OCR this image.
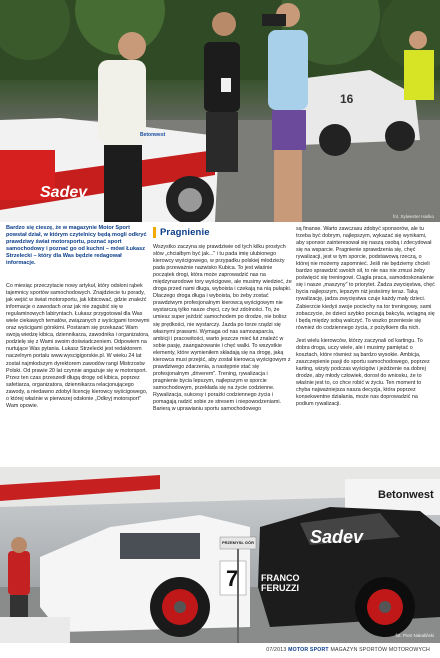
Sadev
16
Betonwest
fot. Sylwester Haśko

Bardzo się cieszę, że w magazynie Motor Sport powstał dział, w którym czytelnicy będą mogli odkryć prawdziwy świat motorsportu, poznać sport samochodowy i poznać go od kuchni – mówi Łukasz Strzelecki – który dla Was będzie redagował informacje.

Co miesiąc przeczytacie nowy artykuł, który odsłoni rąbek tajemnicy sportów samochodowych. Znajdziecie tu porady, jak wejść w świat motorsportu, jak kibicować, gdzie znaleźć informacje o zawodach oraz jak nie zagubić się w regulaminowych labiryntach. Łukasz przygotował dla Was wiele ciekawych tematów, związanych z wyścigami torowymi oraz wyścigami górskimi. Postaram się przekazać Wam swoją wiedzę kibica, dziennikarza, zawodnika i organizatora, podzielę się z Wami swoim doświadczeniem. Odpowiem na nurtujące Was pytania. Łukasz Strzelecki jest redaktorem naczelnym portalu www.wyscigigorskie.pl. W wieku 24 lat został najmłodszym dyrektorem zawodów rangi Mistrzostw Polski. Od prawie 20 lat czynnie angażuje się w motorsport. Przez ten czas przeszedł długą drogę od kibica, poprzez safetiarza, organizatora, dziennikarza relacjonującego zawody, a niedawno zdobył licencję kierowcy wyścigowego, o której właśnie w pierwszej odsłonie „Odkryj motorsport" Wam opowie.

Pragnienie

Wszystko zaczyna się prawdziwie od tych kilku prostych słów „chciałbym być jak..." i tu pada imię ulubionego kierowcy wyścigowego, w przypadku polskiej młodzieży pada przeważnie nazwisko Kubica. To jest właśnie początek drogi, która może zaprowadzić nas na międzynarodowe tory wyścigowe, ale musimy wiedzieć, że droga przed nami długa, wyboista i czekają na nią pułapki. Dlaczego droga długa i wyboista, bo żeby zostać prawdziwym profesjonalnym kierowcą wyścigowym nie wystarczą tylko nasze chęci, czy też zdolności. To, że umiesz super jeździć samochodem po drodze, nie bolisz się prędkości, nie wystarczy. Jazda po torze rządzi się własnymi prawami. Wymaga od nas samozaparcia, ambicji i pracowitości, warto jeszcze mieć łut znaleźć w sobie pasję, zaangażowanie i chęć walki. To wszystkie elementy, które wymieniłem składają się na drogę, jaką kierowca musi przejść, aby został kierowcą wyścigowym z prawdziwego zdarzenia, a następnie stać się profesjonalnym „driverem". Trening, rywalizacja i pragnienie bycia lepszym, najlepszym w sporcie samochodowym, przekłada się na życie codzienne. Rywalizacja, sukcesy i porażki codziennego życia i pomagają radzić sobie ze stresem i niepowodzeniami. Barierą w uprawianiu sportu samochodowego

są finanse. Warto zawczasu zdobyć sponsorów, ale tu trzeba być dobrym, najlepszym, wykazać się wynikami, aby sponsor zainteresował się naszą osobą i zdecydował się na wsparcie. Pragnienie sprawdzenia się, chęć rywalizacji, jest w tym sporcie, podstawową rzeczą, o której nie możemy zapomnieć. Jeśli nie będziemy chcieli bardzo sprawdzić swoich sił, to nie nas nie zmusi żeby poświęcić się treningowi. Ciągła praca, samodoskonalenie się i nasze „maszyny" to priorytet. Żadza zwycięstwa, chęć bycia najlepszym, lepszym niż jesteśmy teraz. Taką rywalizację, jadza zwycięstwa czuje każdy mały dzieci. Zabierzcie kiedyś swoje pociechy na tor treningowy, sami zobaczycie, że dzieci szybko poczują bakcyla, wciągną się i będą między sobą walczyć. To wszko przeniesie się również do codziennego życia, z pożytkiem dla nich.

Jest wielu kierowców, którzy zaczynali od kartingu. To dobra droga, uczy wiele, ale i musimy pamiętać o kosztach, które również są bardzo wysokie. Ambicja, zaszczepienie pasji do sportu samochodowego, poprzez karting, wizyty podczas wyścigów i jeżdżenie na dobrej drodze, aby młody człowiek, dorosł do wniosku, że to właśnie jest to, co chce robić w życiu. Ten moment to chyba najważniejsza nasza decyzja, która poprzez konsekwentne działania, może nas doprowadzić na podium rywalizacji.

7	FRANCO FERUZZI
Sadev
Betonwest
PRZEMYSŁ GÓR
fot. Piotr Nakaliński
07/2013 MOTOR SPORT MAGAZYN SPORTÓW MOTOROWYCH
